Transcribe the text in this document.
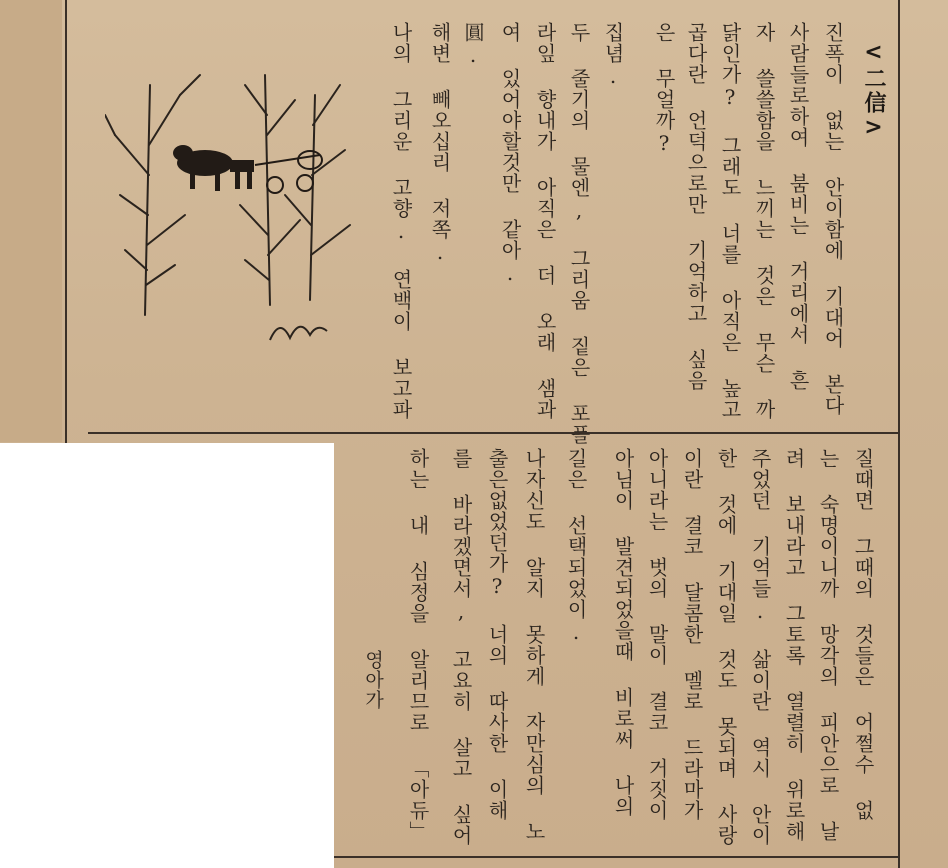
<二信>
진폭이 없는 안이함에 기대어 본다
사람들로하여 붐비는 거리에서 흔
자 쓸쓸함을 느끼는 것은 무슨 까
닭인가? 그래도 너를 아직은 높고
곱다란 언덕으로만 기억하고 싶음
은 무얼까?
집념.
두 줄기의 물엔, 그리움 짙은 포플
라잎 향내가 아직은 더 오래 샘과
여 있어야할것만 같아.
圓.
해변 빼오십리 저쪽.
나의 그리운 고향. 연백이 보고파
질때면 그때의 것들은 어쩔수 없
는 숙명이니까 망각의 피안으로 날
려 보내라고 그토록 열렬히 위로해
주었던 기억들. 삶이란 역시 안이
한 것에 기대일 것도 못되며 사랑
이란 결코 달콤한 멜로 드라마가
아니라는 벗의 말이 결코 거짓이
아님이 발견되었을때 비로써 나의
길은 선택되었이.
나자신도 알지 못하게 자만심의 노
출은없었던가? 너의 따사한 이해
를 바라겠면서, 고요히 살고 싶어
하는 내 심정을 알리므로 「아듀」
영아가
